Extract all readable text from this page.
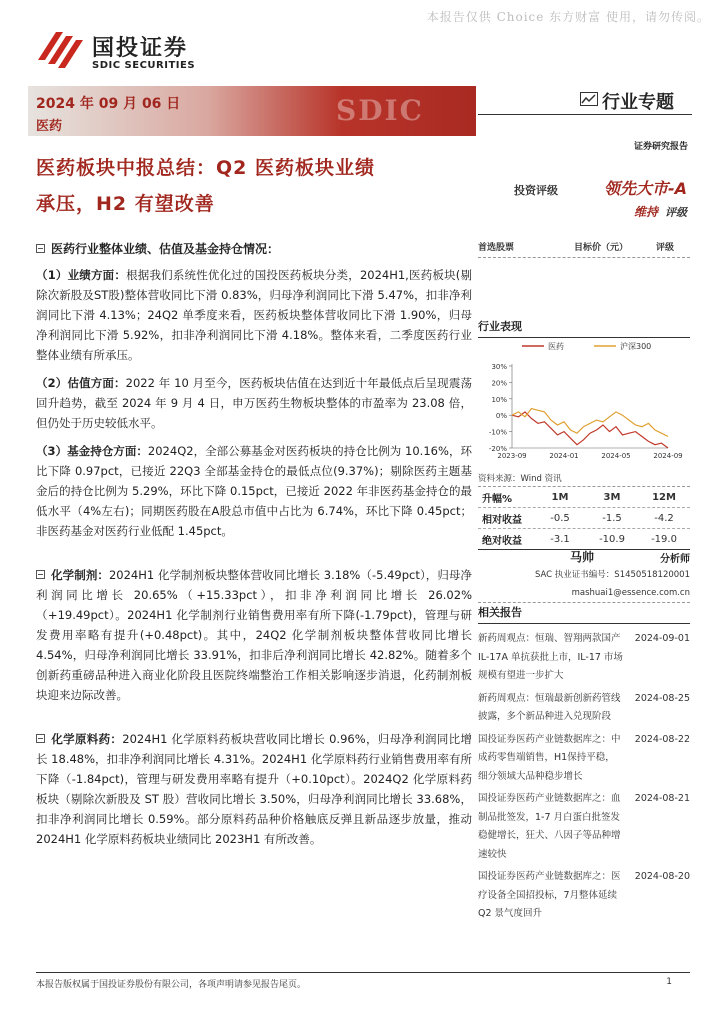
本报告仅供 Choice 东方财富 使用，请勿传阅。
国投证券
SDIC SECURITIES
2024 年 09 月 06 日
医药	SDIC	行业专题
证券研究报告
医药板块中报总结：Q2 医药板块业绩
承压，H2 有望改善
投资评级	领先大市-A
维持 评级
医药行业整体业绩、估值及基金持仓情况：

（1）业绩方面：根据我们系统性优化过的国投医药板块分类，2024H1,医药板块(剔除次新股及ST股)整体营收同比下滑 0.83%，归母净利润同比下滑 5.47%，扣非净利润同比下滑 4.13%；24Q2 单季度来看，医药板块整体营收同比下滑 1.90%，归母净利润同比下滑 5.92%，扣非净利润同比下滑 4.18%。整体来看，二季度医药行业整体业绩有所承压。

（2）估值方面：2022 年 10 月至今，医药板块估值在达到近十年最低点后呈现震荡回升趋势，截至 2024 年 9 月 4 日，申万医药生物板块整体的市盈率为 23.08 倍，但仍处于历史较低水平。

（3）基金持仓方面：2024Q2，全部公募基金对医药板块的持仓比例为 10.16%，环比下降 0.97pct，已接近 22Q3 全部基金持仓的最低点位(9.37%)；剔除医药主题基金后的持仓比例为 5.29%，环比下降 0.15pct，已接近 2022 年非医药基金持仓的最低水平（4%左右)；同期医药股在A股总市值中占比为 6.74%，环比下降 0.45pct；非医药基金对医药行业低配 1.45pct。

化学制剂：2024H1 化学制剂板块整体营收同比增长 3.18%（-5.49pct），归母净利润同比增长 20.65%（+15.33pct），扣非净利润同比增长 26.02%（+19.49pct）。2024H1 化学制剂行业销售费用率有所下降(-1.79pct)，管理与研发费用率略有提升(+0.48pct)。其中，24Q2 化学制剂板块整体营收同比增长 4.54%，归母净利润同比增长 33.91%，扣非后净利润同比增长 42.82%。随着多个创新药重磅品种进入商业化阶段且医院终端整治工作相关影响逐步消退，化药制剂板块迎来边际改善。

化学原料药：2024H1 化学原料药板块营收同比增长 0.96%，归母净利润同比增长 18.48%，扣非净利润同比增长 4.31%。2024H1 化学原料药行业销售费用率有所下降（-1.84pct)，管理与研发费用率略有提升（+0.10pct）。2024Q2 化学原料药板块（剔除次新股及 ST 股）营收同比增长 3.50%，归母净利润同比增长 33.68%，扣非净利润同比增长 0.59%。部分原料药品种价格触底反弹且新品逐步放量，推动 2024H1 化学原料药板块业绩同比 2023H1 有所改善。

首选股票	目标价（元）	评级
行业表现
医药	沪深300
30%
20%
10%
0%
-10%
-20%
2023-09	2024-01	2024-05	2024-09
资料来源：Wind 资讯
升幅%	1M	3M	12M
相对收益	-0.5	-1.5	-4.2
绝对收益	-3.1	-10.9	-19.0
马帅	分析师
SAC 执业证书编号：S1450518120001
mashuai1@essence.com.cn
相关报告
新药周观点：恒瑞、智翔两款国产 IL-17A 单抗获批上市，IL-17 市场规模有望进一步扩大
2024-09-01
新药周观点：恒瑞最新创新药管线披露，多个新品种进入兑现阶段
2024-08-25
国投证券医药产业链数据库之：中成药零售端销售，H1保持平稳，细分领域大品种稳步增长
2024-08-22
国投证券医药产业链数据库之：血制品批签发，1-7 月白蛋白批签发稳健增长，狂犬、八因子等品种增速较快
2024-08-21
国投证券医药产业链数据库之：医疗设备全国招投标，7月整体延续 Q2 景气度回升
2024-08-20
本报告版权属于国投证券股份有限公司，各项声明请参见报告尾页。	1
